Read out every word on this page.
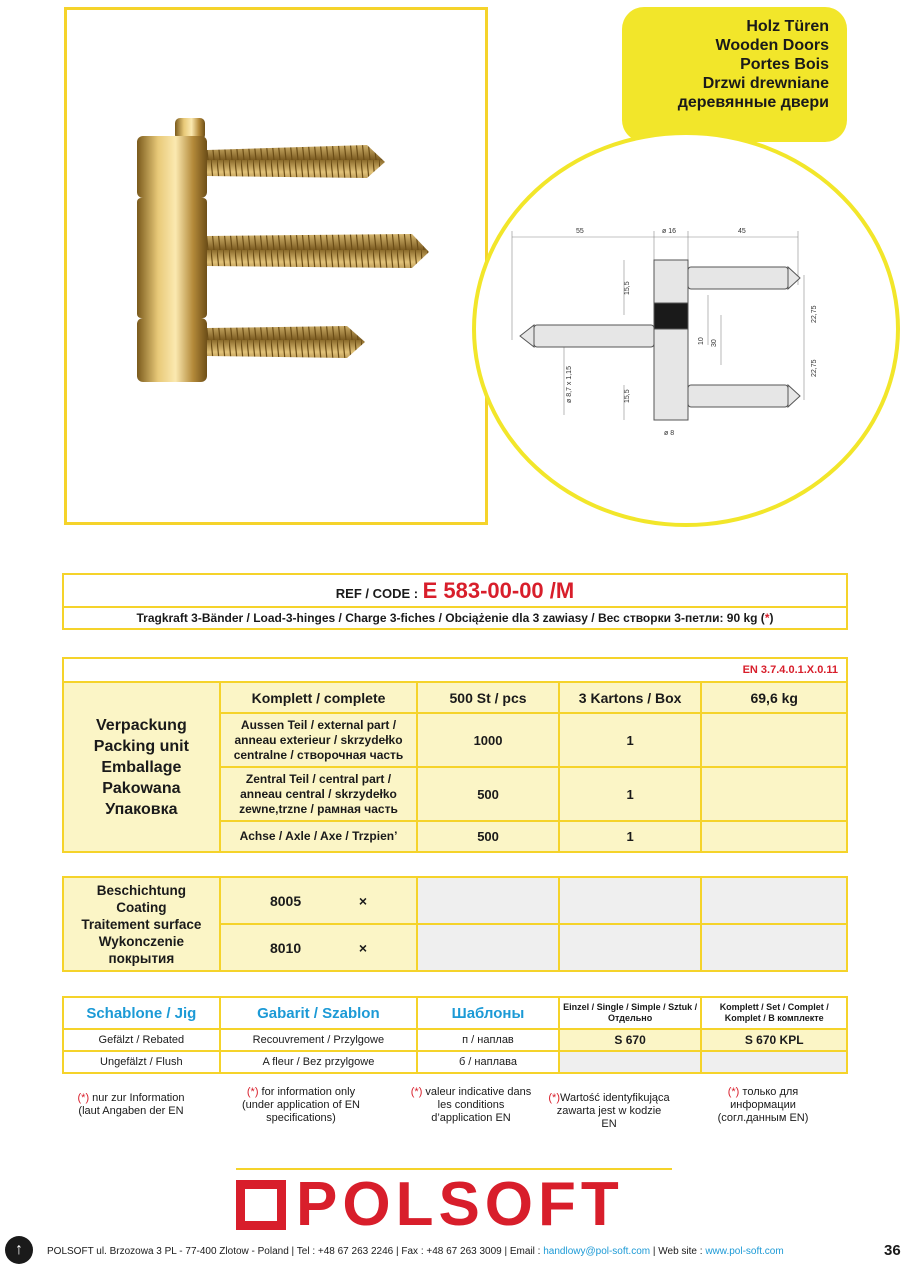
Holz Türen
Wooden Doors
Portes Bois
Drzwi drewniane
деревянные двери
55	ø 16	45
15,5
15,5
10 30
22,75
22,75
ø 8,7 x 1,15
ø 8
REF / CODE : E 583-00-00 /M
Tragkraft 3-Bänder / Load-3-hinges / Charge 3-fiches / Obciążenie dla 3 zawiasy / Вес створки 3-петли: 90 kg (*)
EN 3.7.4.0.1.X.0.11				

Verpackung
Packing unit
Emballage
Pakowana
Упаковка	Komplett / complete	500 St / pcs	3 Kartons / Box	69,6 kg
	Aussen Teil / external part / anneau exterieur / skrzydełko centralne / створочная часть	1000	1	
	Zentral Teil / central part / anneau central / skrzydełko zewne,trzne / рамная часть	500	1	
	Achse / Axle / Axe / Trzpien’	500	1	
Beschichtung
Coating
Traitement surface
Wykonczenie
покрытия	8005 ×			
	8010 ×			
Schablone / Jig	Gabarit / Szablon	Шаблоны	Einzel / Single / Simple / Sztuk / Отдельно	Komplett / Set / Complet / Komplet / В комплекте
Gefälzt / Rebated	Recouvrement / Przylgowe	п / наплав	S 670	S 670 KPL
Ungefälzt / Flush	A fleur / Bez przylgowe	б / наплава		
(*) nur zur Information (laut Angaben der EN
(*) for information only (under application of EN specifications)
(*) valeur indicative dans les conditions d’application EN
(*)Wartość identyfikująca zawarta jest w kodzie EN
(*) только для информации (согл.данным EN)
POLSOFT
↑	POLSOFT ul. Brzozowa 3 PL - 77-400 Zlotow - Poland | Tel : +48 67 263 2246 | Fax : +48 67 263 3009 | Email : handlowy@pol-soft.com | Web site : www.pol-soft.com	36
